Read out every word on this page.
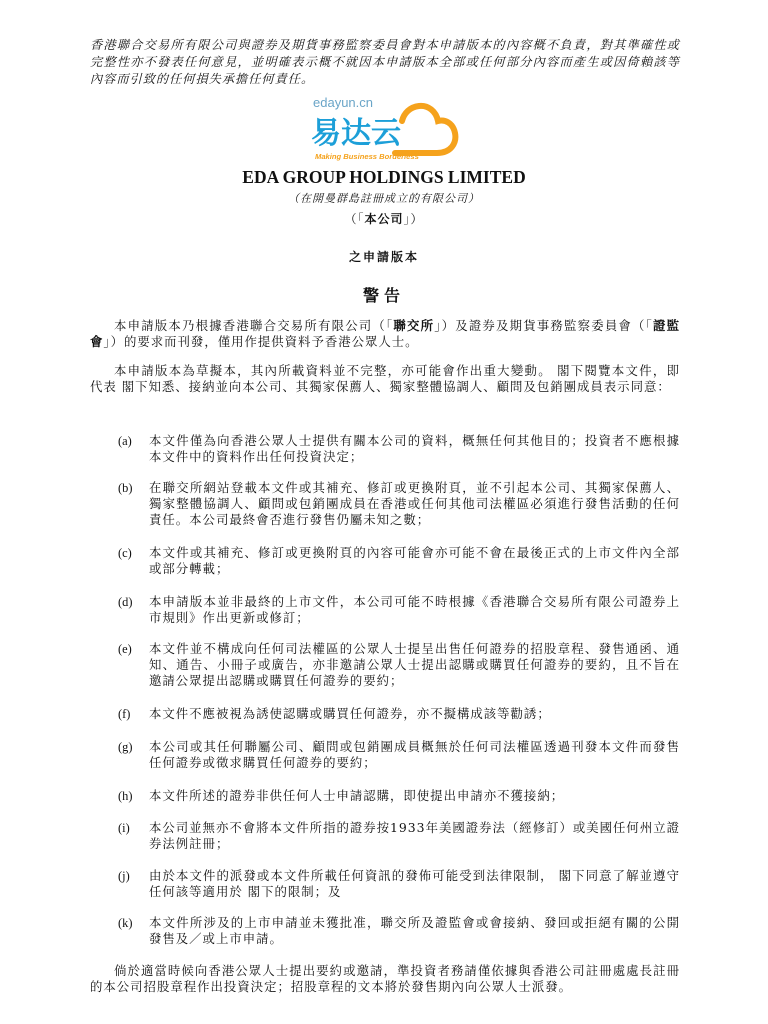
香港聯合交易所有限公司與證券及期貨事務監察委員會對本申請版本的內容概不負責，對其準確性或完整性亦不發表任何意見，並明確表示概不就因本申請版本全部或任何部分內容而產生或因倚賴該等內容而引致的任何損失承擔任何責任。
edayun.cn
易达云
Making Business Borderless
EDA GROUP HOLDINGS LIMITED
（在開曼群島註冊成立的有限公司）
（「本公司」）
之申請版本
警告
本申請版本乃根據香港聯合交易所有限公司（「聯交所」）及證券及期貨事務監察委員會（「證監會」）的要求而刊發，僅用作提供資料予香港公眾人士。
本申請版本為草擬本，其內所載資料並不完整，亦可能會作出重大變動。 閣下閱覽本文件，即代表 閣下知悉、接納並向本公司、其獨家保薦人、獨家整體協調人、顧問及包銷團成員表示同意：
(a)	本文件僅為向香港公眾人士提供有關本公司的資料，概無任何其他目的；投資者不應根據本文件中的資料作出任何投資決定；
(b)	在聯交所網站登載本文件或其補充、修訂或更換附頁，並不引起本公司、其獨家保薦人、獨家整體協調人、顧問或包銷團成員在香港或任何其他司法權區必須進行發售活動的任何責任。本公司最終會否進行發售仍屬未知之數；
(c)	本文件或其補充、修訂或更換附頁的內容可能會亦可能不會在最後正式的上市文件內全部或部分轉載；
(d)	本申請版本並非最終的上市文件，本公司可能不時根據《香港聯合交易所有限公司證券上市規則》作出更新或修訂；
(e)	本文件並不構成向任何司法權區的公眾人士提呈出售任何證券的招股章程、發售通函、通知、通告、小冊子或廣告，亦非邀請公眾人士提出認購或購買任何證券的要約，且不旨在邀請公眾提出認購或購買任何證券的要約；
(f)	本文件不應被視為誘使認購或購買任何證券，亦不擬構成該等勸誘；
(g)	本公司或其任何聯屬公司、顧問或包銷團成員概無於任何司法權區透過刊發本文件而發售任何證券或徵求購買任何證券的要約；
(h)	本文件所述的證券非供任何人士申請認購，即使提出申請亦不獲接納；
(i)	本公司並無亦不會將本文件所指的證券按1933年美國證券法（經修訂）或美國任何州立證券法例註冊；
(j)	由於本文件的派發或本文件所載任何資訊的發佈可能受到法律限制， 閣下同意了解並遵守任何該等適用於 閣下的限制；及
(k)	本文件所涉及的上市申請並未獲批准，聯交所及證監會或會接納、發回或拒絕有關的公開發售及／或上市申請。
倘於適當時候向香港公眾人士提出要約或邀請，準投資者務請僅依據與香港公司註冊處處長註冊的本公司招股章程作出投資決定；招股章程的文本將於發售期內向公眾人士派發。
